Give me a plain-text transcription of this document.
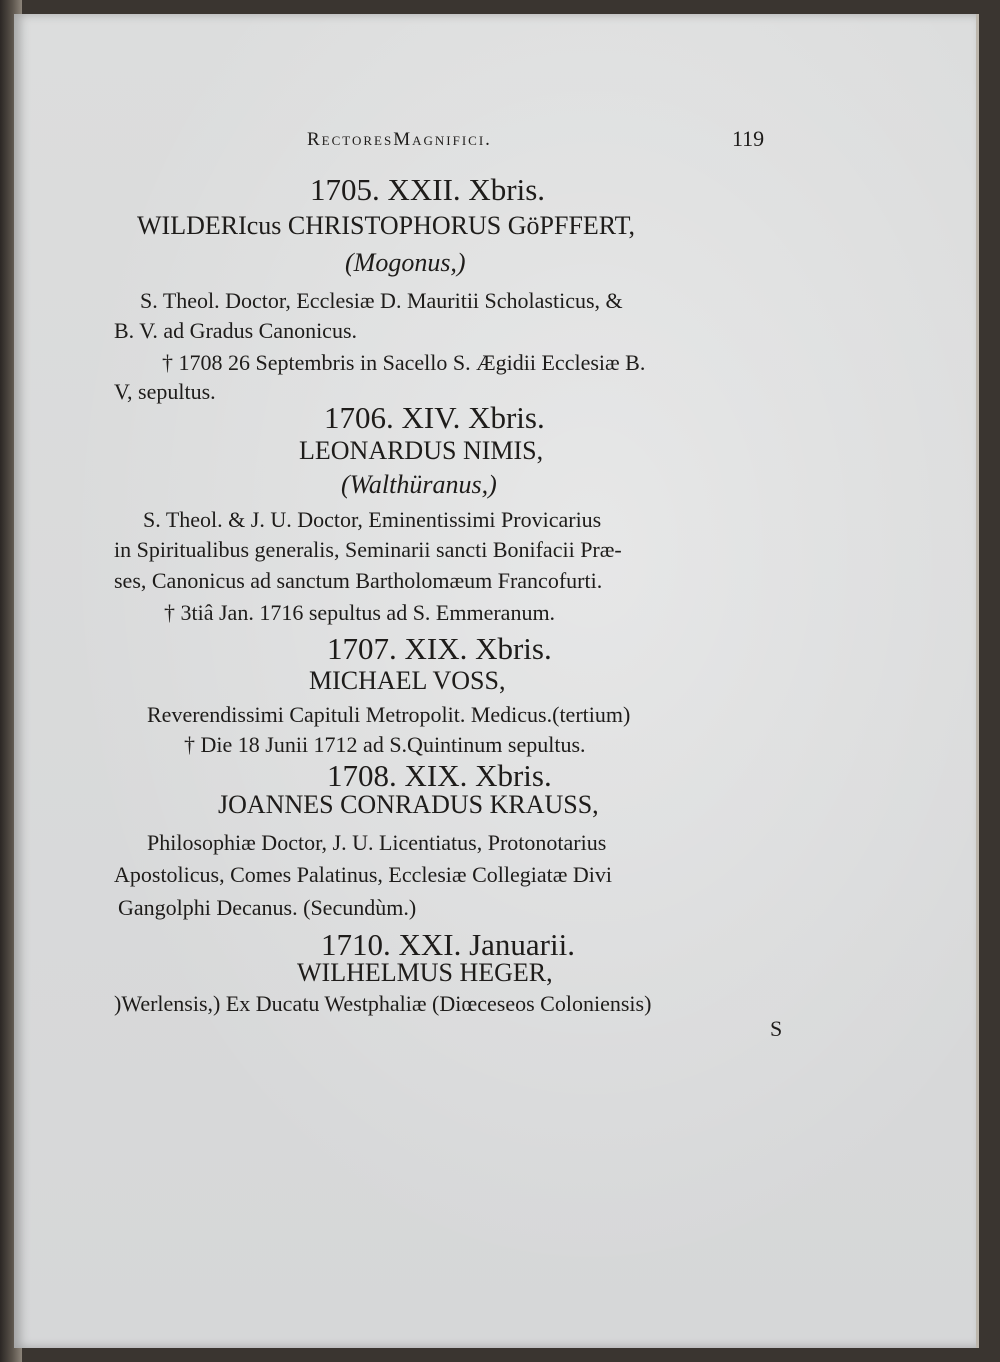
RectoresMagnifici.	119
1705. XXII. Xbris.
WILDERIcus CHRISTOPHORUS GöPFFERT,
(Mogonus,)
S. Theol. Doctor, Ecclesiæ D. Mauritii Scholasticus, &
B. V. ad Gradus Canonicus.
† 1708 26 Septembris in Sacello S. Ægidii Ecclesiæ B.
V, sepultus.
1706. XIV. Xbris.
LEONARDUS NIMIS,
(Walthüranus,)
S. Theol. & J. U. Doctor, Eminentissimi Provicarius
in Spiritualibus generalis, Seminarii sancti Bonifacii Præ-
ses, Canonicus ad sanctum Bartholomæum Francofurti.
† 3tiâ Jan. 1716 sepultus ad S. Emmeranum.
1707. XIX. Xbris.
MICHAEL VOSS,
Reverendissimi Capituli Metropolit. Medicus.(tertium)
† Die 18 Junii 1712 ad S.Quintinum sepultus.
1708. XIX. Xbris.
JOANNES CONRADUS KRAUSS,
Philosophiæ Doctor, J. U. Licentiatus, Protonotarius
Apostolicus, Comes Palatinus, Ecclesiæ Collegiatæ Divi
Gangolphi Decanus. (Secundùm.)
1710. XXI. Januarii.
WILHELMUS HEGER,
)Werlensis,) Ex Ducatu Westphaliæ (Diœceseos Coloniensis)
S
